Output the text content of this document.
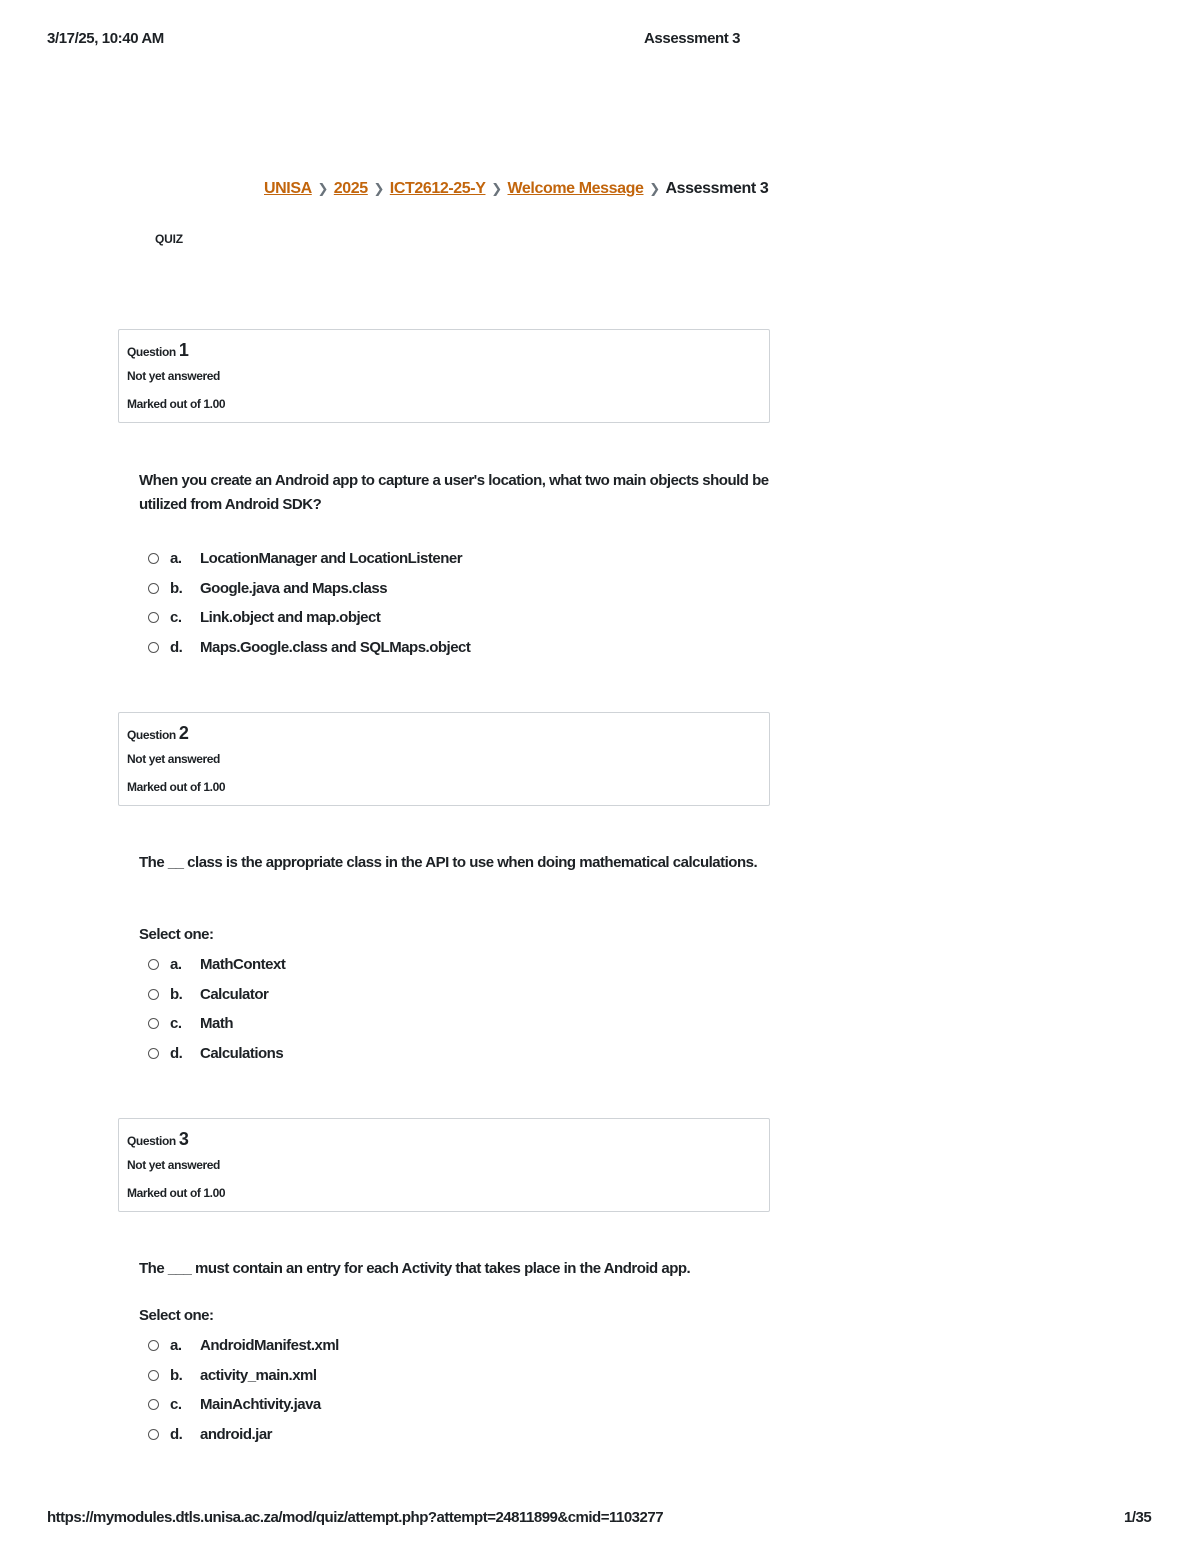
3/17/25, 10:40 AM	Assessment 3
UNISA ❯ 2025 ❯ ICT2612-25-Y ❯ Welcome Message ❯ Assessment 3
QUIZ
Question 1
Not yet answered
Marked out of 1.00
When you create an Android app to capture a user's location, what two main objects should be utilized from Android SDK?
a.	LocationManager and LocationListener
b.	Google.java and Maps.class
c.	Link.object and map.object
d.	Maps.Google.class and SQLMaps.object
Question 2
Not yet answered
Marked out of 1.00
The __ class is the appropriate class in the API to use when doing mathematical calculations.
Select one:
a.	MathContext
b.	Calculator
c.	Math
d.	Calculations
Question 3
Not yet answered
Marked out of 1.00
The ___ must contain an entry for each Activity that takes place in the Android app.
Select one:
a.	AndroidManifest.xml
b.	activity_main.xml
c.	MainAchtivity.java
d.	android.jar
https://mymodules.dtls.unisa.ac.za/mod/quiz/attempt.php?attempt=24811899&cmid=1103277	1/35
